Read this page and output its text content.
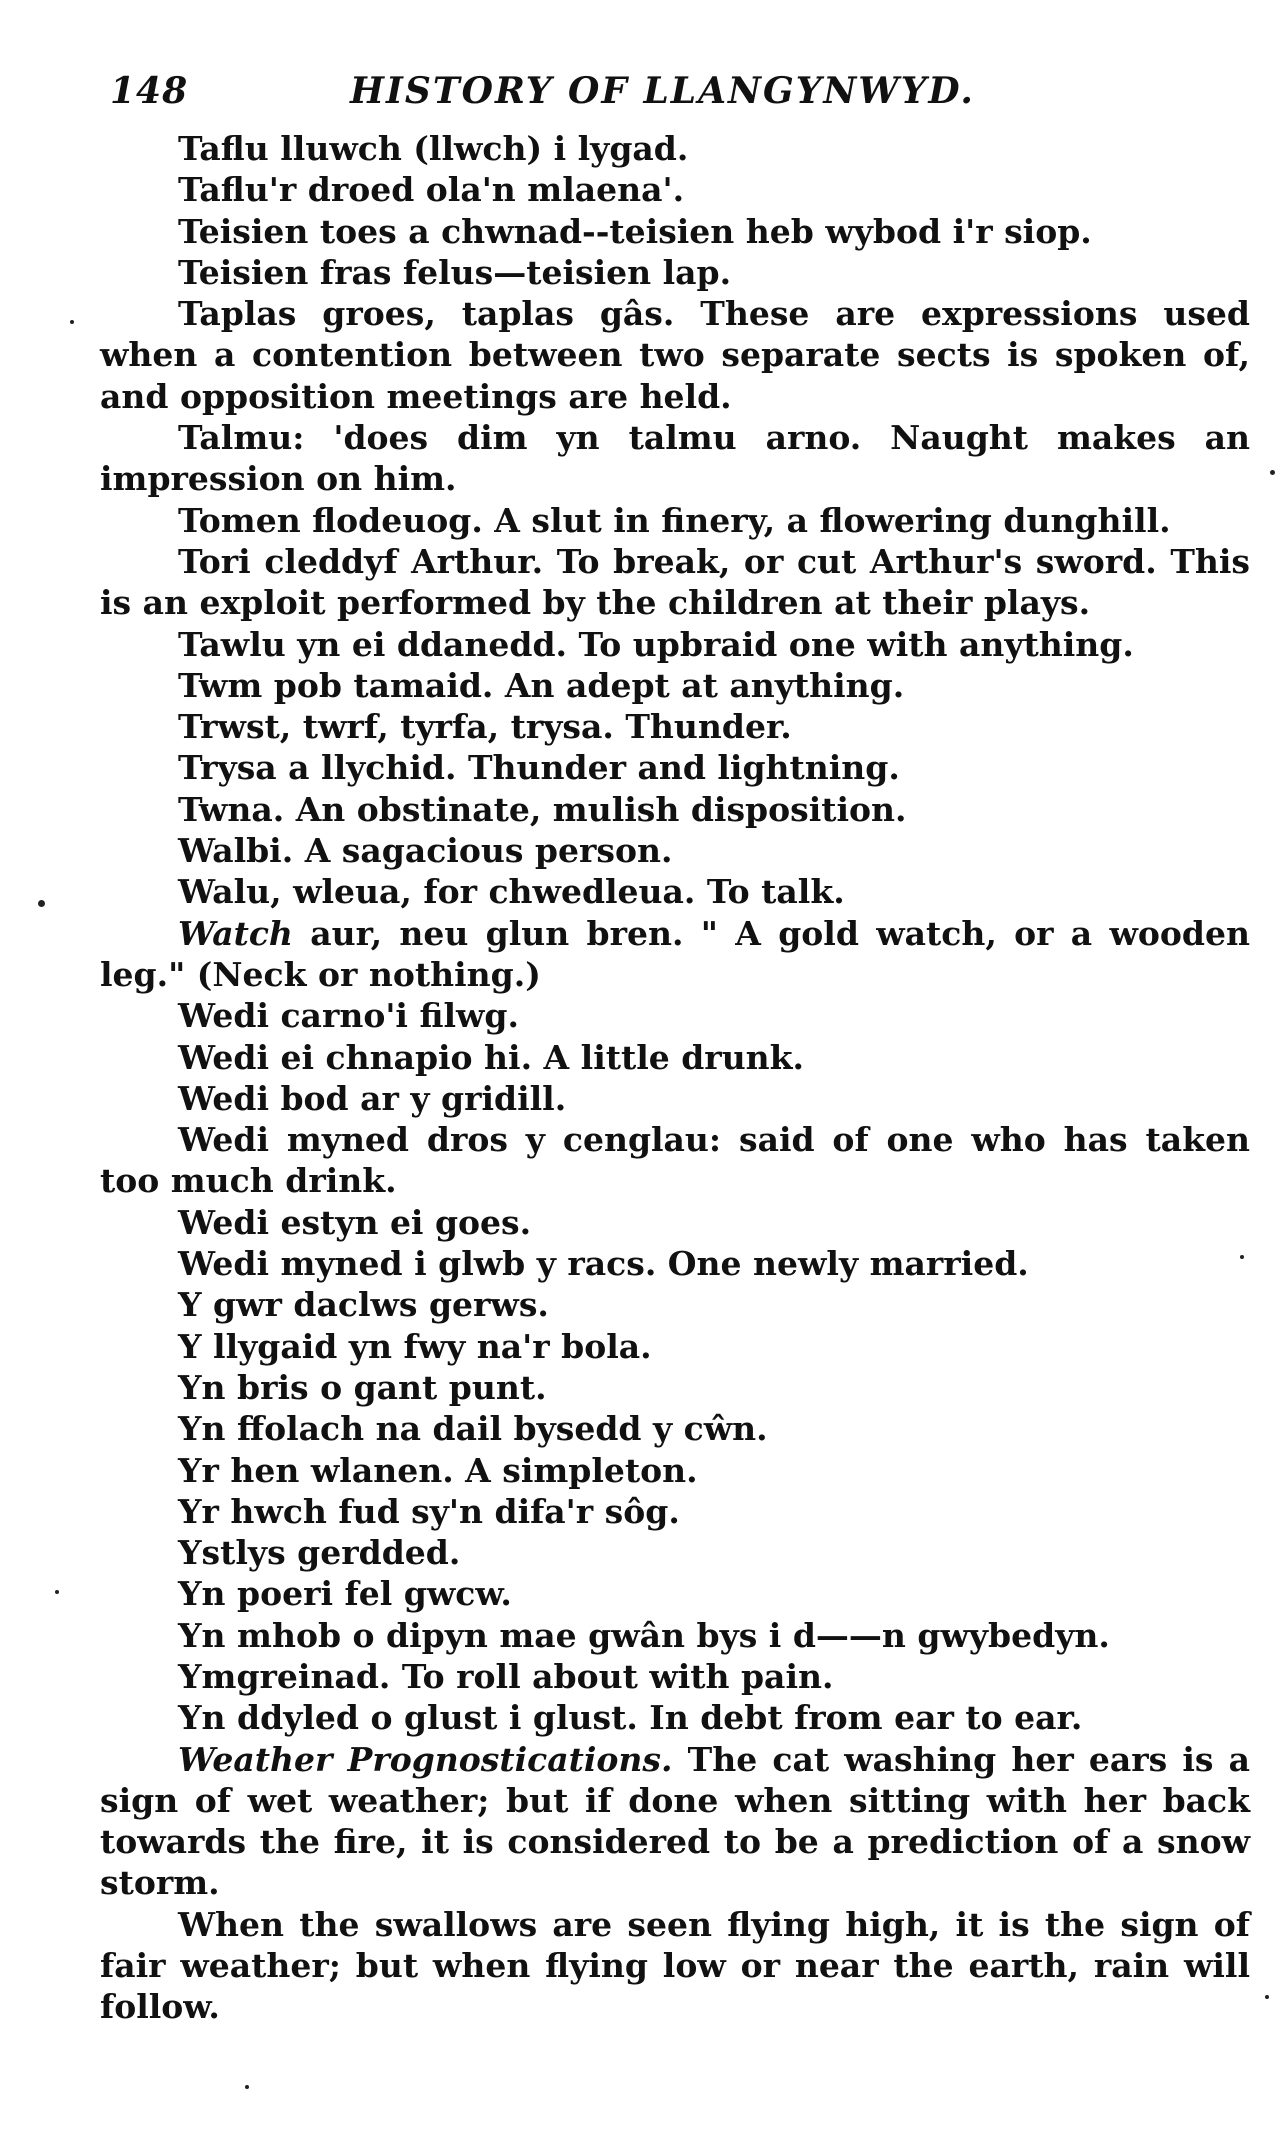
148	HISTORY OF LLANGYNWYD.

Taflu lluwch (llwch) i lygad.

Taflu'r droed ola'n mlaena'.

Teisien toes a chwnad--teisien heb wybod i'r siop.

Teisien fras felus—teisien lap.

Taplas groes, taplas gâs. These are expressions used when a contention between two separate sects is spoken of, and opposition meetings are held.

Talmu: 'does dim yn talmu arno. Naught makes an impression on him.

Tomen flodeuog. A slut in finery, a flowering dunghill.

Tori cleddyf Arthur. To break, or cut Arthur's sword. This is an exploit performed by the children at their plays.

Tawlu yn ei ddanedd. To upbraid one with anything.

Twm pob tamaid. An adept at anything.

Trwst, twrf, tyrfa, trysa. Thunder.

Trysa a llychid. Thunder and lightning.

Twna. An obstinate, mulish disposition.

Walbi. A sagacious person.

Walu, wleua, for chwedleua. To talk.

Watch aur, neu glun bren. " A gold watch, or a wooden leg." (Neck or nothing.)

Wedi carno'i filwg.

Wedi ei chnapio hi. A little drunk.

Wedi bod ar y gridill.

Wedi myned dros y cenglau: said of one who has taken too much drink.

Wedi estyn ei goes.

Wedi myned i glwb y racs. One newly married.

Y gwr daclws gerws.

Y llygaid yn fwy na'r bola.

Yn bris o gant punt.

Yn ffolach na dail bysedd y cŵn.

Yr hen wlanen. A simpleton.

Yr hwch fud sy'n difa'r sôg.

Ystlys gerdded.

Yn poeri fel gwcw.

Yn mhob o dipyn mae gwân bys i d——n gwybedyn.

Ymgreinad. To roll about with pain.

Yn ddyled o glust i glust. In debt from ear to ear.

Weather Prognostications. The cat washing her ears is a sign of wet weather; but if done when sitting with her back towards the fire, it is considered to be a prediction of a snow storm.

When the swallows are seen flying high, it is the sign of fair weather; but when flying low or near the earth, rain will follow.
